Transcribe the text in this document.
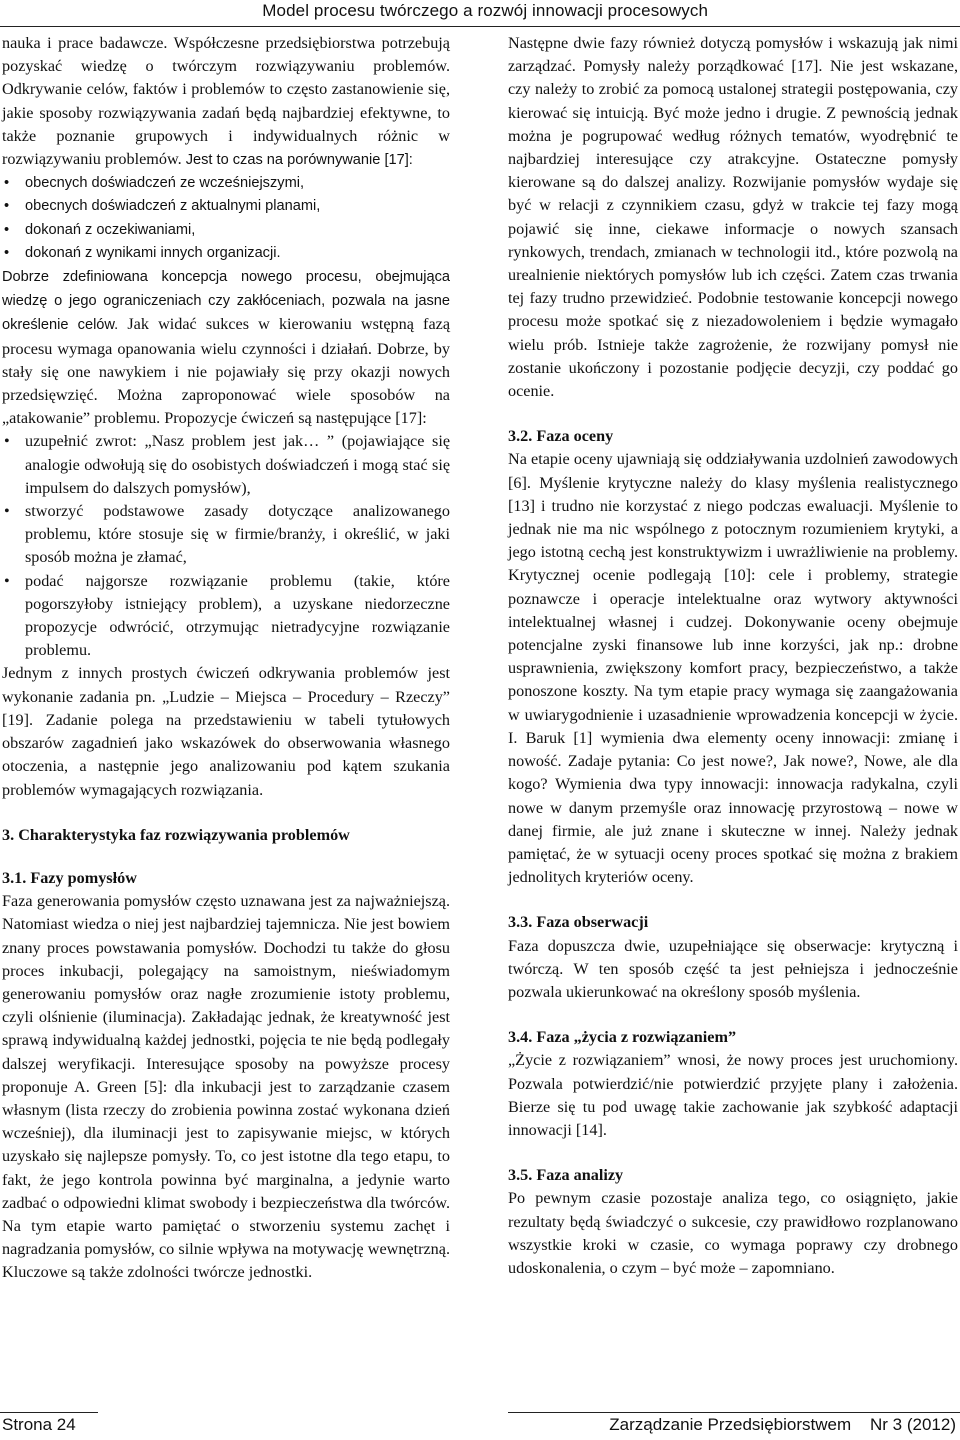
Model procesu twórczego a rozwój innowacji procesowych

nauka i prace badawcze. Współczesne przedsiębiorstwa potrzebują pozyskać wiedzę o twórczym rozwiązywaniu problemów. Odkrywanie celów, faktów i problemów to często zastanowienie się, jakie sposoby rozwiązywania zadań będą najbardziej efektywne, to także poznanie grupowych i indywidualnych różnic w rozwiązywaniu problemów. Jest to czas na porównywanie [17]:

• obecnych doświadczeń ze wcześniejszymi,
• obecnych doświadczeń z aktualnymi planami,
• dokonań z oczekiwaniami,
• dokonań z wynikami innych organizacji.

Dobrze zdefiniowana koncepcja nowego procesu, obejmująca wiedzę o jego ograniczeniach czy zakłóceniach, pozwala na jasne określenie celów. Jak widać sukces w kierowaniu wstępną fazą procesu wymaga opanowania wielu czynności i działań. Dobrze, by stały się one nawykiem i nie pojawiały się przy okazji nowych przedsięwzięć. Można zaproponować wiele sposobów na „atakowanie” problemu. Propozycje ćwiczeń są następujące [17]:

• uzupełnić zwrot: „Nasz problem jest jak… ” (pojawiające się analogie odwołują się do osobistych doświadczeń i mogą stać się impulsem do dalszych pomysłów),
• stworzyć podstawowe zasady dotyczące analizowanego problemu, które stosuje się w firmie/branży, i określić, w jaki sposób można je złamać,
• podać najgorsze rozwiązanie problemu (takie, które pogorszyłoby istniejący problem), a uzyskane niedorzeczne propozycje odwrócić, otrzymując nietradycyjne rozwiązanie problemu.

Jednym z innych prostych ćwiczeń odkrywania problemów jest wykonanie zadania pn. „Ludzie – Miejsca – Procedury – Rzeczy” [19]. Zadanie polega na przedstawieniu w tabeli tytułowych obszarów zagadnień jako wskazówek do obserwowania własnego otoczenia, a następnie jego analizowaniu pod kątem szukania problemów wymagających rozwiązania.

3. Charakterystyka faz rozwiązywania problemów

3.1. Fazy pomysłów

Faza generowania pomysłów często uznawana jest za najważniejszą. Natomiast wiedza o niej jest najbardziej tajemnicza. Nie jest bowiem znany proces powstawania pomysłów. Dochodzi tu także do głosu proces inkubacji, polegający na samoistnym, nieświadomym generowaniu pomysłów oraz nagłe zrozumienie istoty problemu, czyli olśnienie (iluminacja). Zakładając jednak, że kreatywność jest sprawą indywidualną każdej jednostki, pojęcia te nie będą podlegały dalszej weryfikacji. Interesujące sposoby na powyższe procesy proponuje A. Green [5]: dla inkubacji jest to zarządzanie czasem własnym (lista rzeczy do zrobienia powinna zostać wykonana dzień wcześniej), dla iluminacji jest to zapisywanie miejsc, w których uzyskało się najlepsze pomysły. To, co jest istotne dla tego etapu, to fakt, że jego kontrola powinna być marginalna, a jedynie warto zadbać o odpowiedni klimat swobody i bezpieczeństwa dla twórców. Na tym etapie warto pamiętać o stworzeniu systemu zachęt i nagradzania pomysłów, co silnie wpływa na motywację wewnętrzną. Kluczowe są także zdolności twórcze jednostki.

Następne dwie fazy również dotyczą pomysłów i wskazują jak nimi zarządzać. Pomysły należy porządkować [17]. Nie jest wskazane, czy należy to zrobić za pomocą ustalonej strategii postępowania, czy kierować się intuicją. Być może jedno i drugie. Z pewnością jednak można je pogrupować według różnych tematów, wyodrębnić te najbardziej interesujące czy atrakcyjne. Ostateczne pomysły kierowane są do dalszej analizy. Rozwijanie pomysłów wydaje się być w relacji z czynnikiem czasu, gdyż w trakcie tej fazy mogą pojawić się inne, ciekawe informacje o nowych szansach rynkowych, trendach, zmianach w technologii itd., które pozwolą na urealnienie niektórych pomysłów lub ich części. Zatem czas trwania tej fazy trudno przewidzieć. Podobnie testowanie koncepcji nowego procesu może spotkać się z niezadowoleniem i będzie wymagało wielu prób. Istnieje także zagrożenie, że rozwijany pomysł nie zostanie ukończony i pozostanie podjęcie decyzji, czy poddać go ocenie.

3.2. Faza oceny

Na etapie oceny ujawniają się oddziaływania uzdolnień zawodowych [6]. Myślenie krytyczne należy do klasy myślenia realistycznego [13] i trudno nie korzystać z niego podczas ewaluacji. Myślenie to jednak nie ma nic wspólnego z potocznym rozumieniem krytyki, a jego istotną cechą jest konstruktywizm i uwrażliwienie na problemy. Krytycznej ocenie podlegają [10]: cele i problemy, strategie poznawcze i operacje intelektualne oraz wytwory aktywności intelektualnej własnej i cudzej. Dokonywanie oceny obejmuje potencjalne zyski finansowe lub inne korzyści, jak np.: drobne usprawnienia, zwiększony komfort pracy, bezpieczeństwo, a także ponoszone koszty. Na tym etapie pracy wymaga się zaangażowania w uwiarygodnienie i uzasadnienie wprowadzenia koncepcji w życie. I. Baruk [1] wymienia dwa elementy oceny innowacji: zmianę i nowość. Zadaje pytania: Co jest nowe?, Jak nowe?, Nowe, ale dla kogo? Wymienia dwa typy innowacji: innowacja radykalna, czyli nowe w danym przemyśle oraz innowację przyrostową – nowe w danej firmie, ale już znane i skuteczne w innej. Należy jednak pamiętać, że w sytuacji oceny proces spotkać się można z brakiem jednolitych kryteriów oceny.

3.3. Faza obserwacji

Faza dopuszcza dwie, uzupełniające się obserwacje: krytyczną i twórczą. W ten sposób część ta jest pełniejsza i jednocześnie pozwala ukierunkować na określony sposób myślenia.

3.4. Faza „życia z rozwiązaniem”

„Życie z rozwiązaniem” wnosi, że nowy proces jest uruchomiony. Pozwala potwierdzić/nie potwierdzić przyjęte plany i założenia. Bierze się tu pod uwagę takie zachowanie jak szybkość adaptacji innowacji [14].

3.5. Faza analizy

Po pewnym czasie pozostaje analiza tego, co osiągnięto, jakie rezultaty będą świadczyć o sukcesie, czy prawidłowo rozplanowano wszystkie kroki w czasie, co wymaga poprawy czy drobnego udoskonalenia, o czym – być może – zapomniano.

Strona 24	Zarządzanie Przedsiębiorstwem    Nr 3 (2012)
